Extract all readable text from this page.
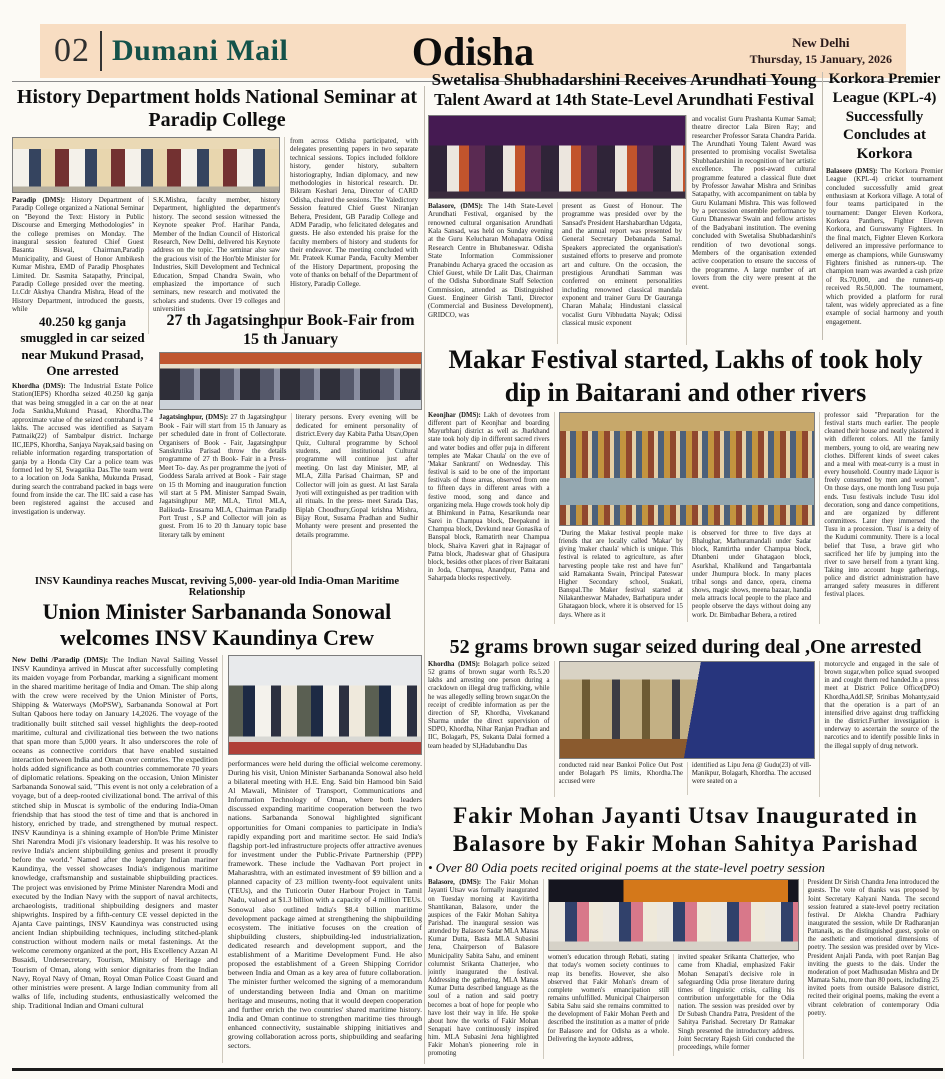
02 Dumani Mail	Odisha	New Delhi
Thursday, 15 January, 2026

History Department holds National Seminar at Paradip College

Paradip (DMS): History Department of Paradip College organized a National Seminar on "Beyond the Text: History in Public Discourse and Emerging Methodologies" in the college premises on Monday. The inaugural session featured Chief Guest Basanta Biswal, Chairman,Paradip Municipality, and Guest of Honor Ambikesh Kumar Mishra, EMD of Paradip Phosphates Limited. Dr. Sasmita Satapathy, Principal, Paradip College presided over the meeting. Lt.Cdr Akshya Chandra Mishra, Head of the History Department, introduced the guests, while

S.K.Mishra, faculty member, history Department, highlighted the department's history. The second session witnessed the Keynote speaker Prof. Harihar Panda, Member of the Indian Council of Historical Research, New Delhi, delivered his Keynote address on the topic. The seminar also saw the gracious visit of the Hon'ble Minister for Industries, Skill Development and Technical Education, Smpad Chandra Swain, who emphasized the importance of such seminars, new research and motivated the scholars and students. Over 19 colleges and universities

from across Odisha participated, with delegates presenting papers in two separate technical sessions. Topics included folklore history, gender history, subaltern historiography, Indian diplomacy, and new methodologies in historical research. Dr. Bikram Keshari Jena, Director of CARD Odisha, chaired the sessions. The Valedictory Session featured Chief Guest Niranjan Behera, President, GB Paradip College and ADM Paradip, who felicitated delegates and guests. He also extended his praise for the faculty members of history and students for their endeavor. The meeting concluded with Mr. Prateek Kumar Panda, Faculty Member of the History Department, proposing the vote of thanks on behalf of the Department of History, Paradip College.

40.250 kg ganja smuggled in car seized near Mukund Prasad, One arrested

Khordha (DMS): The Industrial Estate Police Station(IEPS) Khordha seized 40.250 kg ganja that was being smuggled in a car on the at near Joda Sankha,Mukund Prasad, Khordha.The approximate value of the seized contraband is ? 4 lakhs. The accused was identified as Satyam Pattnaik(22) of Sambalpur district. Incharge IIC,IEPS, Khordha, Sanjaya Nayak,said basing on reliable information regarding transportation of ganja by a Honda City Car a police team was formed led by SI, Swagatika Das.The team went to a location on Joda Sankha, Mukunda Prasad, during search the contraband packed in bags were found from inside the car. The IIC said a case has been registered against the accused and investigation is underway.

27 th Jagatsinghpur Book-Fair from 15 th January

Jagatsinghpur, (DMS): 27 th Jagatsinghpur Book - Fair will start from 15 th January as per scheduled date in front of Collectorate. Organisers of Book - Fair, Jagatsinghpur Sanskrutika Parisad throw the details programme of 27 th Book- Fair in a Press- Meet To- day. As per programme the jyoti of Goddess Sarala arrived at Book - Fair stage on 15 th Morning and inauguration function wil start at 5 PM. Minister Sampad Swain, Jagatsinghpur MP, MLA, Tirtol MLA, Balikuda- Erasama MLA, Chairman Paradip Port Trust , S.P and Collector will join as guest. From 16 to 20 th January topic base literary talk by eminent

literary persons. Every evening will be dedicated for eminent personality of district.Every day Kabita Patha Utsav,Open Quiz, Cultural programme by School students, and institutional Cultural programme will continue just after meeting. On last day Minister, MP, al MLA, Zilla Parisad Chairman, SP and Collector will join as guest. At last Sarala Jyoti will extinguished as per tradition with all rituals. In the press- meet Sarada Das, Biplab Choudhury,Gopal krishna Mishra, Bijay Rout, Susama Pradhan and Sudhir Mohanty were present and presented the details programme.

INSV Kaundinya reaches Muscat, reviving 5,000- year-old India-Oman Maritime Relationship

Union Minister Sarbananda Sonowal welcomes INSV Kaundinya Crew

New Delhi /Paradip (DMS): The Indian Naval Sailing Vessel INSV Kaundinya arrived in Muscat after successfully completing its maiden voyage from Porbandar, marking a significant moment in the shared maritime heritage of India and Oman. The ship along with the crew were received by the Union Minister of Ports, Shipping & Waterways (MoPSW), Sarbananda Sonowal at Port Sultan Qaboos here today on January 14,2026. The voyage of the traditionally built stitched sail vessel highlights the deep-rooted maritime, cultural and civilizational ties between the two nations that span more than 5,000 years. It also underscores the role of oceans as connective corridors that have enabled sustained interaction between India and Oman over centuries. The expedition holds added significance as both countries commemorate 70 years of diplomatic relations. Speaking on the occasion, Union Minister Sarbananda Sonowal said, "This event is not only a celebration of a voyage, but of a deep-rooted civilizational bond. The arrival of this stitched ship in Muscat is symbolic of the enduring India-Oman friendship that has stood the test of time and that is anchored in history, enriched by trade, and strengthened by mutual respect. INSV Kaundinya is a shining example of Hon'ble Prime Minister Shri Narendra Modi ji's visionary leadership. It was his resolve to revive India's ancient shipbuilding genius and present it proudly before the world." Named after the legendary Indian mariner Kaundinya, the vessel showcases India's indigenous maritime knowledge, craftsmanship and sustainable shipbuilding practices. The project was envisioned by Prime Minister Narendra Modi and executed by the Indian Navy with the support of naval architects, archaeologists, traditional shipbuilding designers and master shipwrights. Inspired by a fifth-century CE vessel depicted in the Ajanta Cave paintings, INSV Kaundinya was constructed using ancient Indian shipbuilding techniques, including stitched-plank construction without modern nails or metal fastenings. At the welcome ceremony organized at the port, His Excellency Azzan Al Busaidi, Undersecretary, Tourism, Ministry of Heritage and Tourism of Oman, along with senior dignitaries from the Indian Navy, Royal Navy of Oman, Royal Oman Police Coast Guard and other ministries were present. A large Indian community from all walks of life, including students, enthusiastically welcomed the ship. Traditional Indian and Omani cultural

performances were held during the official welcome ceremony. During his visit, Union Minister Sarbananda Sonowal also held a bilateral meeting with H.E. Eng. Said bin Hamood bin Said Al Mawali, Minister of Transport, Communications and Information Technology of Oman, where both leaders discussed expanding maritime cooperation between the two nations. Sarbananda Sonowal highlighted significant opportunities for Omani companies to participate in India's rapidly expanding port and maritime sector. He said India's flagship port-led infrastructure projects offer attractive avenues for investment under the Public-Private Partnership (PPP) framework. These include the Vadhavan Port project in Maharashtra, with an estimated investment of $9 billion and a planned capacity of 23 million twenty-foot equivalent units (TEUs), and the Tuticorin Outer Harbour Project in Tamil Nadu, valued at $1.3 billion with a capacity of 4 million TEUs. Sonowal also outlined India's $8.4 billion maritime development package aimed at strengthening the shipbuilding ecosystem. The initiative focuses on the creation of shipbuilding clusters, shipbuilding-led industrialization, dedicated research and development support, and the establishment of a Maritime Development Fund. He also proposed the establishment of a Green Shipping Corridor between India and Oman as a key area of future collaboration. The minister further welcomed the signing of a memorandum of understanding between India and Oman on maritime heritage and museums, noting that it would deepen cooperation and further enrich the two countries' shared maritime history. India and Oman continue to strengthen maritime ties through enhanced connectivity, sustainable shipping initiatives and growing collaboration across ports, shipbuilding and seafaring sectors.

Swetalisa Shubhadarshini Receives Arundhati Young Talent Award at 14th State-Level Arundhati Festival

Balasore, (DMS): The 14th State-Level Arundhati Festival, organised by the renowned cultural organisation Arundhati Kala Sansad, was held on Sunday evening at the Guru Kelucharan Mohapatra Odissi Research Centre in Bhubaneswar. Odisha State Information Commissioner Pranabindu Acharya graced the occasion as Chief Guest, while Dr Lalit Das, Chairman of the Odisha Subordinate Staff Selection Commission, attended as Distinguished Guest. Engineer Girish Tanti, Director (Commercial and Business Development), GRIDCO, was

present as Guest of Honour. The programme was presided over by the Sansad's President Harshabardhan Udgata, and the annual report was presented by General Secretary Debananda Samal. Speakers appreciated the organisation's sustained efforts to preserve and promote art and culture. On the occasion, the prestigious Arundhati Samman was conferred on eminent personalities including renowned classical mandala exponent and trainer Guru Dr Gauranga Charan Mahala; Hindustani classical vocalist Guru Vibhudatta Nayak; Odissi classical music exponent

and vocalist Guru Prashanta Kumar Samal; theatre director Lala Biren Ray; and researcher Professor Sarata Chandra Parida. The Arundhati Young Talent Award was presented to promising vocalist Swetalisa Shubhadarshini in recognition of her artistic excellence. The post-award cultural programme featured a classical flute duet by Professor Jawahar Mishra and Srinibas Satapathy, with accompaniment on tabla by Guru Kulamani Mishra. This was followed by a percussion ensemble performance by Guru Dhaneswar Swain and fellow artistes of the Badyabani institution. The evening concluded with Swetalisa Shubhadarshini's rendition of two devotional songs. Members of the organisation extended active cooperation to ensure the success of the programme. A large number of art lovers from the city were present at the event.

Korkora Premier League (KPL-4) Successfully Concludes at Korkora

Balasore (DMS): The Korkora Premier League (KPL-4) cricket tournament concluded successfully amid great enthusiasm at Korkora village. A total of four teams participated in the tournament: Danger Eleven Korkora, Korkora Panthers, Fighter Eleven Korkora, and Guruswamy Fighters. In the final match, Fighter Eleven Korkora delivered an impressive performance to emerge as champions, while Guruswamy Fighters finished as runners-up. The champion team was awarded a cash prize of Rs.70,000, and the runners-up received Rs.50,000. The tournament, which provided a platform for rural talent, was widely appreciated as a fine example of social harmony and youth engagement.

Makar Festival started, Lakhs of took holy dip in Baitarani and other rivers

Keonjhar (DMS): Lakh of devotees from different part of Keonjhar and boarding Mayurbhanj district as well as Jharkhand state took holy dip in different sacred rivers and water bodies and offer puja in different temples ate 'Makar Chaula' on the eve of 'Makar Sankranti' on Wednesday. This festival is said to be one of the important festivals of those areas, observed from one to fifteen days in different areas with a festive mood, song and dance and organizing mela. Huge crowds took holy dip at Bhimkund in Patna, Kesarikunda near Sarei in Champua block, Deepakund in Champua block, Devkund near Gonasika of Banspal block, Ramatirth near Champua block, Shaiva Kaveri ghat in Rajnagar of Patna block, Jhadeswar ghat of Ghasipura block, besides other places of river Baitarani in Joda, Champua, Anandpur, Patna and Saharpada blocks respectively.

"During the Makar festival people make friends that are locally called 'Makar' by giving 'maker chaula' which is unique. This festival is related to agriculture, as after harvesting people take rest and have fun" said Ramakanta Swain, Principal Pateswar Higher Secondary school, Suakati, Banspal.The Maker festival started at Nilakantheswar Mahadev, Barhatipura under Ghatagaon block, where it is observed for 15 days. Where as it

is observed for three to five days at Bhalughar, Mathuramandali under Sadar block, Ramtirtha under Champua block, Dhanbeni under Ghatagaon block, Asurkhal, Khalikund and Tangarbantala under Jhumpura block. In many places tribal songs and dance, opera, cinema shows, magic shows, meena bazaar, handia mela attracts local people to the place and people observe the days without doing any work. Dr. Bimbadhar Behera, a retired

professor said "Preparation for the festival starts much earlier. The people cleaned their house and neatly plastered it with different colors. All the family members, young to old, are wearing new clothes. Different kinds of sweet cakes and a meal with meat-curry is a must in every household. Country made Liquor is freely consumed by men and women". On those days, one month long Tusu puja ends. Tusu festivals include Tusu idol decoration, song and dance competitions, and are organized by different committees. Later they immersed the Tusu in a procession. 'Tusu' is a deity of the Kudumi community. There is a local belief that Tusu, a brave girl who sacrificed her life by jumping into the river to save herself from a tyrant king. Taking into account huge gatherings, police and district administration have arranged safety measures in different festival places.

52 grams brown sugar seized during deal ,One arrested

Khordha (DMS): Bolagarh police seized 52 grams of brown sugar worth Rs.5.20 lakhs and arresting one person during a crackdown on illegal drug trafficking, while he was allegedly selling brown sugar.On the receipt of credible information as per the direction of SP, Khordha, Vivekanand Sharma under the direct supervision of SDPO, Khordha, Nihar Ranjan Pradhan and IIC, Bolagarh, PS, Sukanta Dalai formed a team headed by SI,Hadubandhu Das

conducted raid near Bankoi Police Out Post under Bolagarh PS limits, Khordha.The accused were

identified as Lipu Jena @ Gudu(23) of vill-Manikpur, Bolagarh, Khordha. The accused were seated on a

motorcycle and engaged in the sale of brown sugar,when police squad swooped in and cought them red handed.In a press meet at District Police Office(DPO) Khordha,Addl.SP, Srinibas Mohanty,said that the operation is a part of an intensified drive against drug trafficking in the district.Further investigation is underway to ascertain the source of the narcotics and to identify possible links in the illegal supply of drug network.

Fakir Mohan Jayanti Utsav Inaugurated in Balasore by Fakir Mohan Sahitya Parishad

• Over 80 Odia poets recited original poems at the state-level poetry session

Balasore, (DMS): The Fakir Mohan Jayanti Utsav was formally inaugurated on Tuesday morning at Kavitirtha Shantikanan, Balasore, under the auspices of the Fakir Mohan Sahitya Parishad. The inaugural session was attended by Balasore Sadar MLA Manas Kumar Dutta, Basta MLA Subasini Jena, Chairperson of Balasore Municipality Sabita Sahu, and eminent columnist Srikanta Chatterjee, who jointly inaugurated the festival. Addressing the gathering, MLA Manas Kumar Dutta described language as the soul of a nation and said poetry becomes a boat of hope for people who have lost their way in life. He spoke about how the works of Fakir Mohan Senapati have continuously inspired him. MLA Subasini Jena highlighted Fakir Mohan's pioneering role in promoting

women's education through Rebati, stating that today's women society continues to reap its benefits. However, she also observed that Fakir Mohan's dream of complete women's emancipation still remains unfulfilled. Municipal Chairperson Sabita Sahu said she remains committed to the development of Fakir Mohan Peeth and described the institution as a matter of pride for Balasore and for Odisha as a whole. Delivering the keynote address,

invited speaker Srikanta Chatterjee, who came from Khadial, emphasized Fakir Mohan Senapati's decisive role in safeguarding Odia prose literature during times of linguistic crisis, calling his contribution unforgettable for the Odia nation. The session was presided over by Dr Subash Chandra Patra, President of the Sahitya Parishad. Secretary Dr Ratnakar Singh presented the introductory address. Joint Secretary Rajesh Giri conducted the proceedings, while former

President Dr Sirish Chandra Jena introduced the guests. The vote of thanks was proposed by Joint Secretary Kalyani Nanda. The second session featured a state-level poetry recitation festival. Dr Alekha Chandra Padhiary inaugurated the session, while Dr Radharanjan Pattanaik, as the distinguished guest, spoke on the aesthetic and emotional dimensions of poetry. The session was presided over by Vice-President Anjali Panda, with poet Ranjan Bag inviting the guests to the dais. Under the moderation of poet Madhusudan Mishra and Dr Mamata Sahu, more than 80 poets, including 25 invited poets from outside Balasore district, recited their original poems, making the event a vibrant celebration of contemporary Odia poetry.
